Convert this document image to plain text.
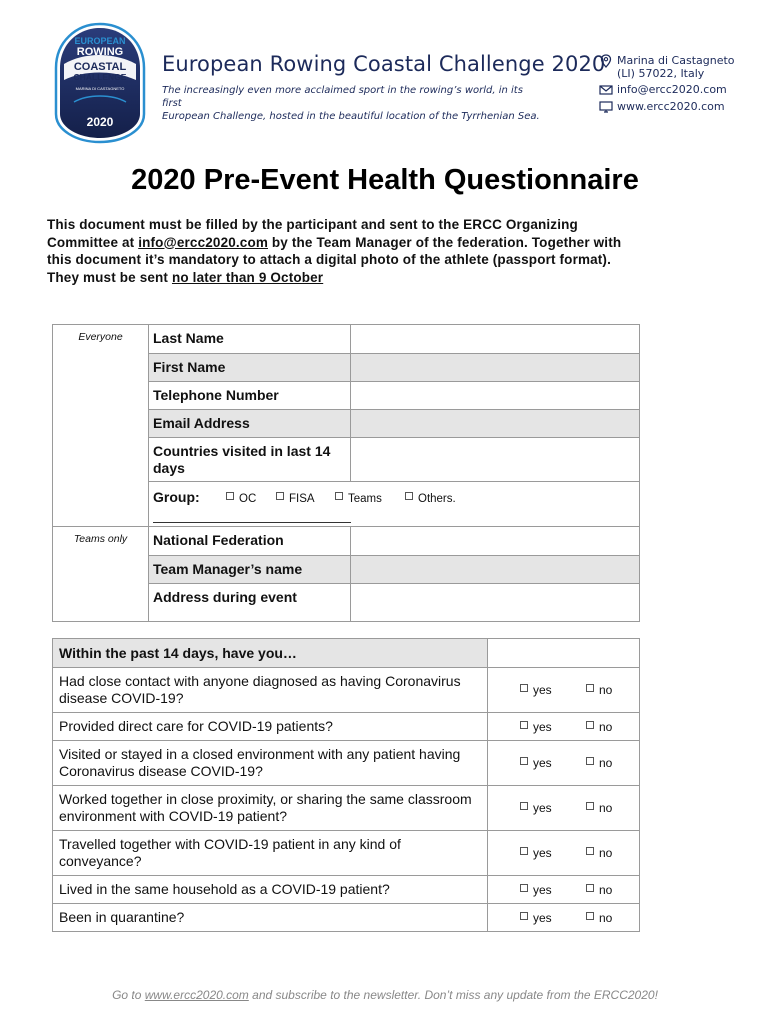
EUROPEAN
ROWING
COASTAL
CHALLENGE
MARINA DI CASTAGNETO
2020
European Rowing Coastal Challenge 2020
The increasingly even more acclaimed sport in the rowing’s world, in its first
European Challenge, hosted in the beautiful location of the Tyrrhenian Sea.
Marina di Castagneto
(LI) 57022, Italy
info@ercc2020.com
www.ercc2020.com
2020 Pre-Event Health Questionnaire
This document must be filled by the participant and sent to the ERCC Organizing
Committee at info@ercc2020.com by the Team Manager of the federation. Together with
this document it’s mandatory to attach a digital photo of the athlete (passport format).
They must be sent no later than 9 October
Everyone	Last Name	
	First Name	
	Telephone Number	
	Email Address	
	Countries visited in last 14 days	

	Group: OC FISA Teams Others.	

Teams only	National Federation	
	Team Manager’s name	
	Address during event	
Within the past 14 days, have you…	
Had close contact with anyone diagnosed as having Coronavirus disease COVID-19?	yes no

Provided direct care for COVID-19 patients?	yes no

Visited or stayed in a closed environment with any patient having Coronavirus disease COVID-19?	yes no

Worked together in close proximity, or sharing the same classroom environment with COVID-19 patient?	yes no

Travelled together with COVID-19 patient in any kind of conveyance?	yes no

Lived in the same household as a COVID-19 patient?	yes no

Been in quarantine?	yes no
Go to www.ercc2020.com and subscribe to the newsletter. Don’t miss any update from the ERCC2020!
